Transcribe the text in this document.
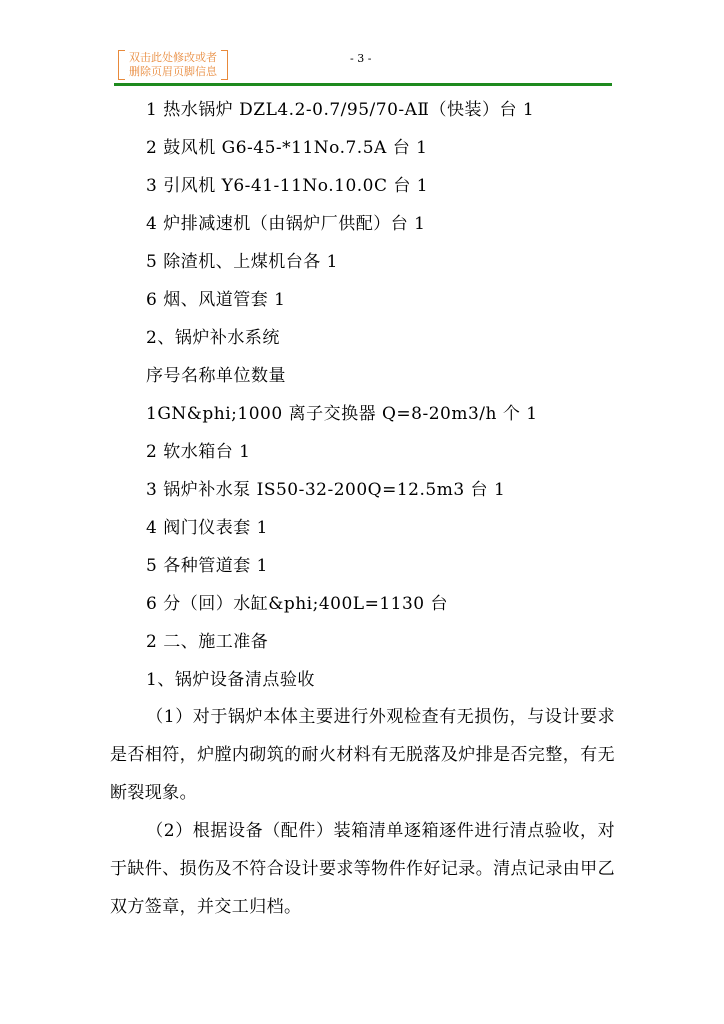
双击此处修改或者
删除页眉页脚信息
- 3 -
1 热水锅炉 DZL4.2-0.7/95/70-AⅡ（快装）台 1
2 鼓风机 G6-45-*11No.7.5A 台 1
3 引风机 Y6-41-11No.10.0C 台 1
4 炉排减速机（由锅炉厂供配）台 1
5 除渣机、上煤机台各 1
6 烟、风道管套 1
2、锅炉补水系统
序号名称单位数量
1GN&phi;1000 离子交换器 Q=8-20m3/h 个 1
2 软水箱台 1
3 锅炉补水泵 IS50-32-200Q=12.5m3 台 1
4 阀门仪表套 1
5 各种管道套 1
6 分（回）水缸&phi;400L=1130 台
2 二、施工准备
1、锅炉设备清点验收
（1）对于锅炉本体主要进行外观检查有无损伤，与设计要求是否相符，炉膛内砌筑的耐火材料有无脱落及炉排是否完整，有无断裂现象。
（2）根据设备（配件）装箱清单逐箱逐件进行清点验收，对于缺件、损伤及不符合设计要求等物件作好记录。清点记录由甲乙双方签章，并交工归档。
